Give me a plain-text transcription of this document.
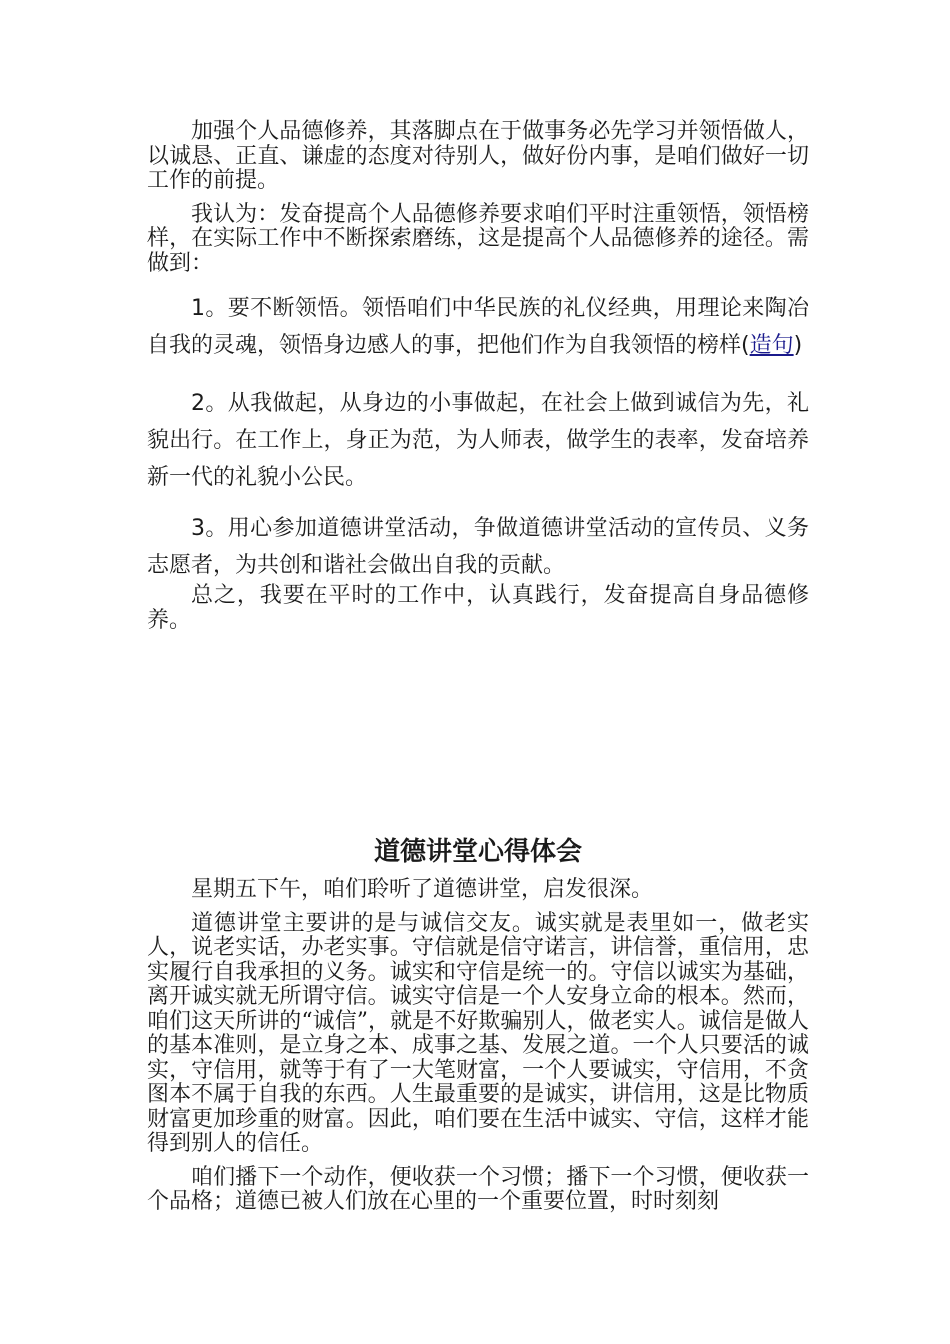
加强个人品德修养，其落脚点在于做事务必先学习并领悟做人，以诚恳、正直、谦虚的态度对待别人，做好份内事，是咱们做好一切工作的前提。

我认为：发奋提高个人品德修养要求咱们平时注重领悟，领悟榜样，在实际工作中不断探索磨练，这是提高个人品德修养的途径。需做到：

1。要不断领悟。领悟咱们中华民族的礼仪经典，用理论来陶冶自我的灵魂，领悟身边感人的事，把他们作为自我领悟的榜样(造句)

2。从我做起，从身边的小事做起，在社会上做到诚信为先，礼貌出行。在工作上，身正为范，为人师表，做学生的表率，发奋培养新一代的礼貌小公民。

3。用心参加道德讲堂活动，争做道德讲堂活动的宣传员、义务志愿者，为共创和谐社会做出自我的贡献。

总之，我要在平时的工作中，认真践行，发奋提高自身品德修养。

道德讲堂心得体会

星期五下午，咱们聆听了道德讲堂，启发很深。

道德讲堂主要讲的是与诚信交友。诚实就是表里如一，做老实人，说老实话，办老实事。守信就是信守诺言，讲信誉，重信用，忠实履行自我承担的义务。诚实和守信是统一的。守信以诚实为基础，离开诚实就无所谓守信。诚实守信是一个人安身立命的根本。然而，咱们这天所讲的“诚信”，就是不好欺骗别人，做老实人。诚信是做人的基本准则，是立身之本、成事之基、发展之道。一个人只要活的诚实，守信用，就等于有了一大笔财富，一个人要诚实，守信用，不贪图本不属于自我的东西。人生最重要的是诚实，讲信用，这是比物质财富更加珍重的财富。因此，咱们要在生活中诚实、守信，这样才能得到别人的信任。

咱们播下一个动作，便收获一个习惯；播下一个习惯，便收获一个品格；道德已被人们放在心里的一个重要位置，时时刻刻
